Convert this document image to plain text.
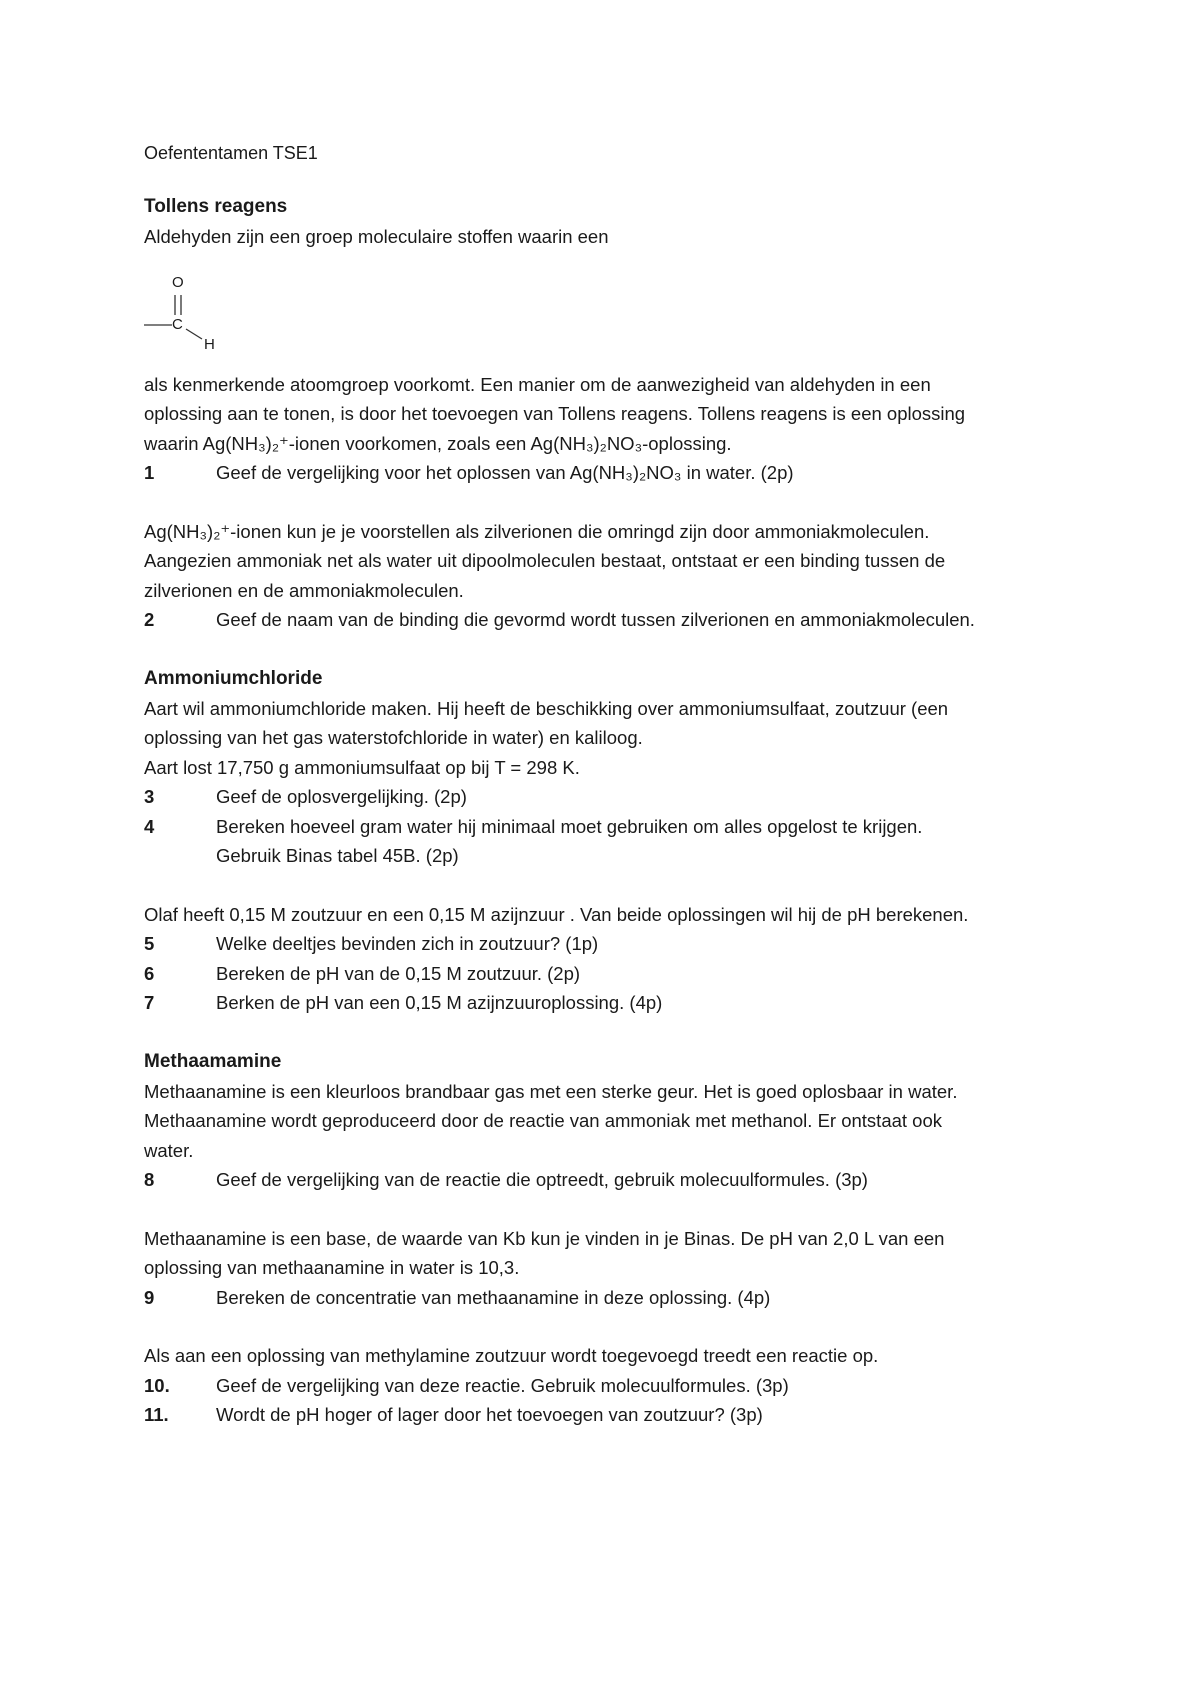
Oefententamen TSE1

Tollens reagens

Aldehyden zijn een groep moleculaire stoffen waarin een

O
C
H

als kenmerkende atoomgroep voorkomt. Een manier om de aanwezigheid van aldehyden in een

oplossing aan te tonen, is door het toevoegen van Tollens reagens. Tollens reagens is een oplossing

waarin Ag(NH₃)₂⁺-ionen voorkomen, zoals een Ag(NH₃)₂NO₃-oplossing.

1	Geef de vergelijking voor het oplossen van Ag(NH₃)₂NO₃ in water. (2p)

Ag(NH₃)₂⁺-ionen kun je je voorstellen als zilverionen die omringd zijn door ammoniakmoleculen.

Aangezien ammoniak net als water uit dipoolmoleculen bestaat, ontstaat er een binding tussen de

zilverionen en de ammoniakmoleculen.

2	Geef de naam van de binding die gevormd wordt tussen zilverionen en ammoniakmoleculen.

Ammoniumchloride

Aart wil ammoniumchloride maken. Hij heeft de beschikking over ammoniumsulfaat, zoutzuur (een

oplossing van het gas waterstofchloride in water) en kaliloog.

Aart lost 17,750 g ammoniumsulfaat op bij T = 298 K.

3	Geef de oplosvergelijking. (2p)
4	Bereken hoeveel gram water hij minimaal moet gebruiken om alles opgelost te krijgen.
Gebruik Binas tabel 45B. (2p)

Olaf heeft 0,15 M zoutzuur en een 0,15 M azijnzuur . Van beide oplossingen wil hij de pH berekenen.

5	Welke deeltjes bevinden zich in zoutzuur? (1p)
6	Bereken de pH van de 0,15 M zoutzuur. (2p)
7	Berken de pH van een 0,15 M azijnzuuroplossing. (4p)

Methaamamine

Methaanamine is een kleurloos brandbaar gas met een sterke geur. Het is goed oplosbaar in water.

Methaanamine wordt geproduceerd door de reactie van ammoniak met methanol. Er ontstaat ook

water.

8	Geef de vergelijking van de reactie die optreedt, gebruik molecuulformules. (3p)

Methaanamine is een base, de waarde van Kb kun je vinden in je Binas. De pH van 2,0 L van een

oplossing van methaanamine in water is 10,3.

9	Bereken de concentratie van methaanamine in deze oplossing. (4p)

Als aan een oplossing van methylamine zoutzuur wordt toegevoegd treedt een reactie op.

10.	Geef de vergelijking van deze reactie. Gebruik molecuulformules. (3p)
11.	Wordt de pH hoger of lager door het toevoegen van zoutzuur? (3p)
